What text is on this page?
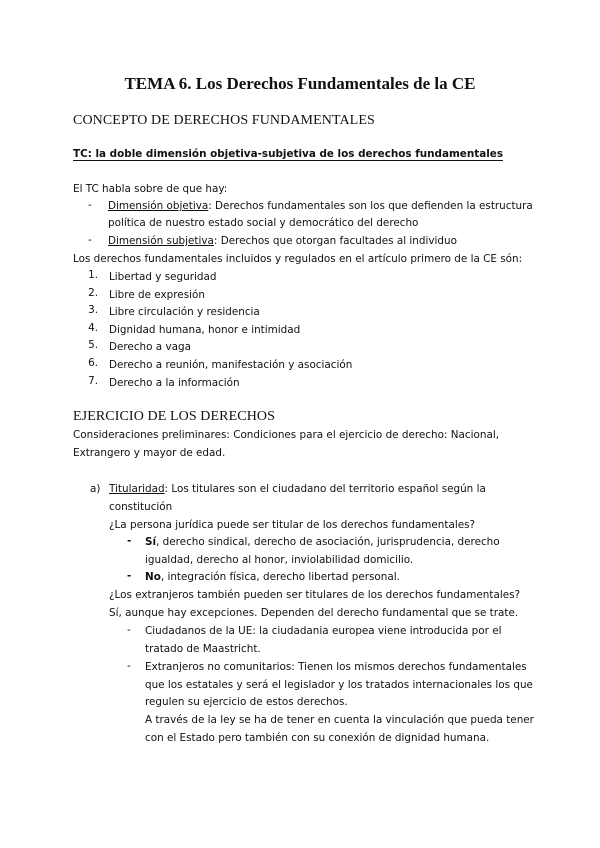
TEMA 6. Los Derechos Fundamentales de la CE
CONCEPTO DE DERECHOS FUNDAMENTALES
TC: la doble dimensión objetiva-subjetiva de los derechos fundamentales
El TC habla sobre de que hay:
- Dimensión objetiva: Derechos fundamentales son los que defienden la estructura
política de nuestro estado social y democrático del derecho
- Dimensión subjetiva: Derechos que otorgan facultades al individuo
Los derechos fundamentales incluidos y regulados en el artículo primero de la CE són:
1. Libertad y seguridad
2. Libre de expresión
3. Libre circulación y residencia
4. Dignidad humana, honor e intimidad
5. Derecho a vaga
6. Derecho a reunión, manifestación y asociación
7. Derecho a la información
EJERCICIO DE LOS DERECHOS
Consideraciones preliminares: Condiciones para el ejercicio de derecho: Nacional,
Extrangero y mayor de edad.
a) Titularidad: Los titulares son el ciudadano del territorio español según la
constitución
¿La persona jurídica puede ser titular de los derechos fundamentales?
- Sí, derecho sindical, derecho de asociación, jurisprudencia, derecho
igualdad, derecho al honor, inviolabilidad domicilio.
- No, integración física, derecho libertad personal.
¿Los extranjeros también pueden ser titulares de los derechos fundamentales?
Sí, aunque hay excepciones. Dependen del derecho fundamental que se trate.
- Ciudadanos de la UE: la ciudadania europea viene introducida por el
tratado de Maastricht.
- Extranjeros no comunitarios: Tienen los mismos derechos fundamentales
que los estatales y será el legislador y los tratados internacionales los que
regulen su ejercicio de estos derechos.
A través de la ley se ha de tener en cuenta la vinculación que pueda tener
con el Estado pero también con su conexión de dignidad humana.
